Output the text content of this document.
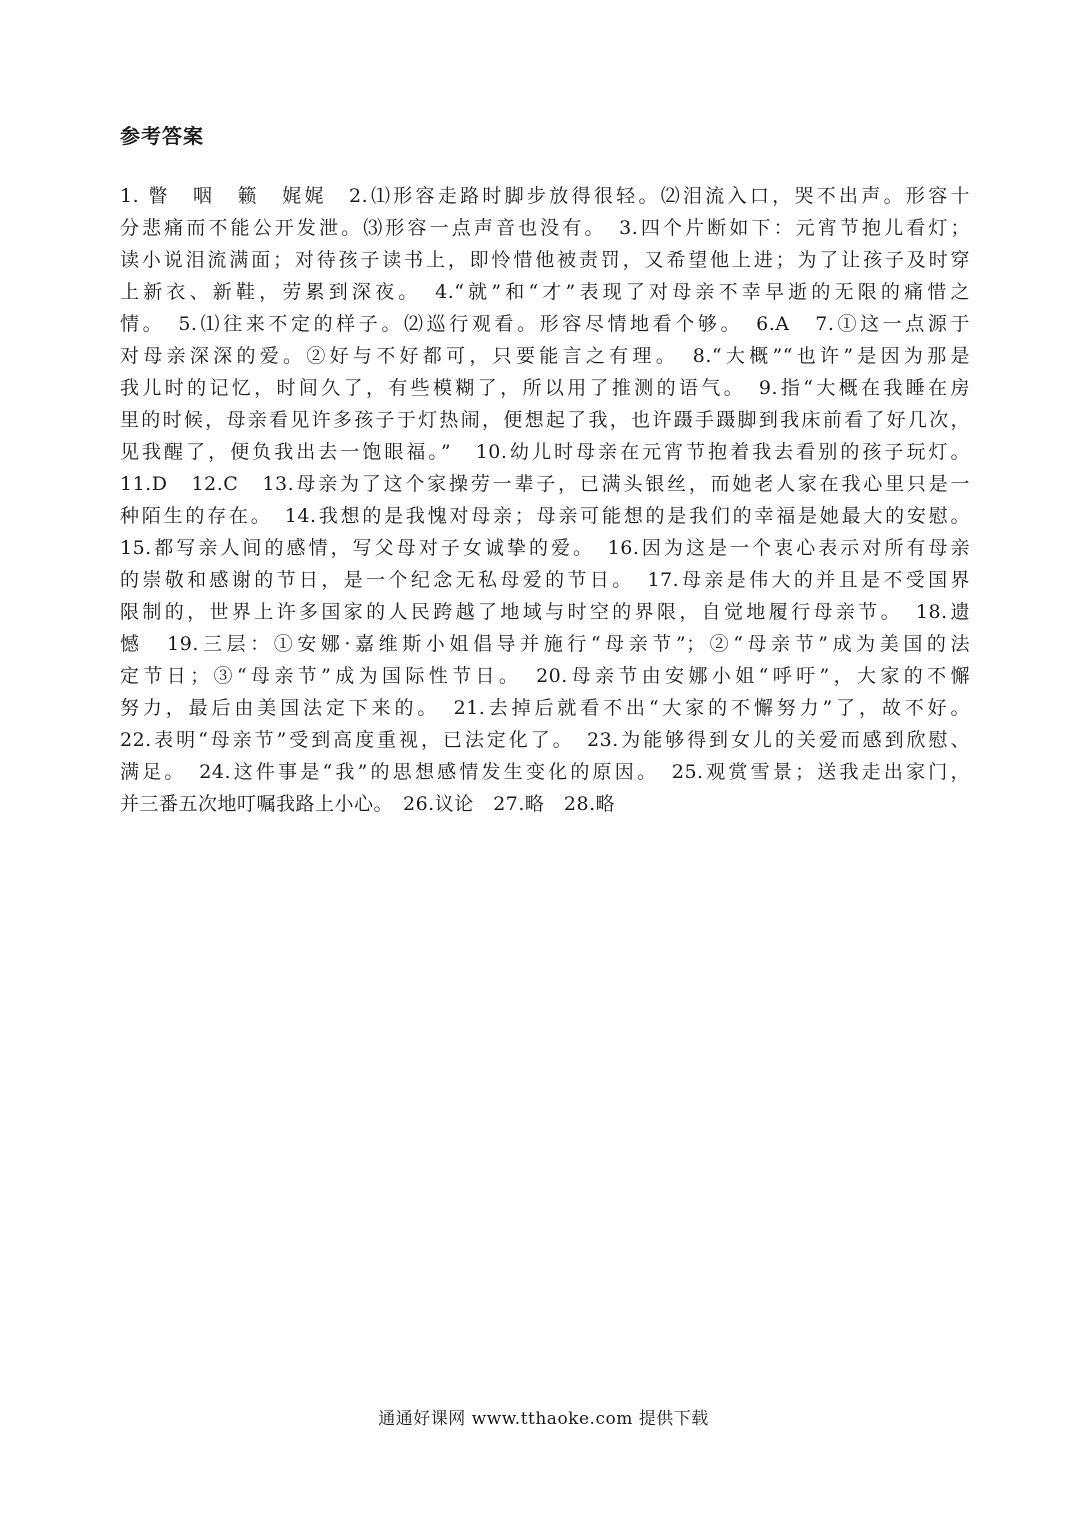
参考答案
1. 瞥　咽　籁　娓娓　2.⑴形容走路时脚步放得很轻。⑵泪流入口，哭不出声。形容十
分悲痛而不能公开发泄。⑶形容一点声音也没有。　3.四个片断如下：元宵节抱儿看灯；
读小说泪流满面；对待孩子读书上，即怜惜他被责罚，又希望他上进；为了让孩子及时穿
上新衣、新鞋，劳累到深夜。　4.“就”和“才”表现了对母亲不幸早逝的无限的痛惜之
情。　5.⑴往来不定的样子。⑵巡行观看。形容尽情地看个够。　6.A　7.①这一点源于
对母亲深深的爱。②好与不好都可，只要能言之有理。　8.“大概”“也许”是因为那是
我儿时的记忆，时间久了，有些模糊了，所以用了推测的语气。　9.指“大概在我睡在房
里的时候，母亲看见许多孩子于灯热闹，便想起了我，也许蹑手蹑脚到我床前看了好几次，
见我醒了，便负我出去一饱眼福。”　10.幼儿时母亲在元宵节抱着我去看别的孩子玩灯。
11.D　12.C　13.母亲为了这个家操劳一辈子，已满头银丝，而她老人家在我心里只是一
种陌生的存在。　14.我想的是我愧对母亲；母亲可能想的是我们的幸福是她最大的安慰。
15.都写亲人间的感情，写父母对子女诚挚的爱。　16.因为这是一个衷心表示对所有母亲
的崇敬和感谢的节日，是一个纪念无私母爱的节日。　17.母亲是伟大的并且是不受国界
限制的，世界上许多国家的人民跨越了地域与时空的界限，自觉地履行母亲节。　18.遗
憾　19.三层：①安娜·嘉维斯小姐倡导并施行“母亲节”；②“母亲节”成为美国的法
定节日；③“母亲节”成为国际性节日。　20.母亲节由安娜小姐“呼吁”，大家的不懈
努力，最后由美国法定下来的。　21.去掉后就看不出“大家的不懈努力”了，故不好。
22.表明“母亲节”受到高度重视，已法定化了。　23.为能够得到女儿的关爱而感到欣慰、
满足。　24.这件事是“我”的思想感情发生变化的原因。　25.观赏雪景；送我走出家门，
并三番五次地叮嘱我路上小心。　26.议论　27.略　28.略
通通好课网 www.tthaoke.com 提供下载
